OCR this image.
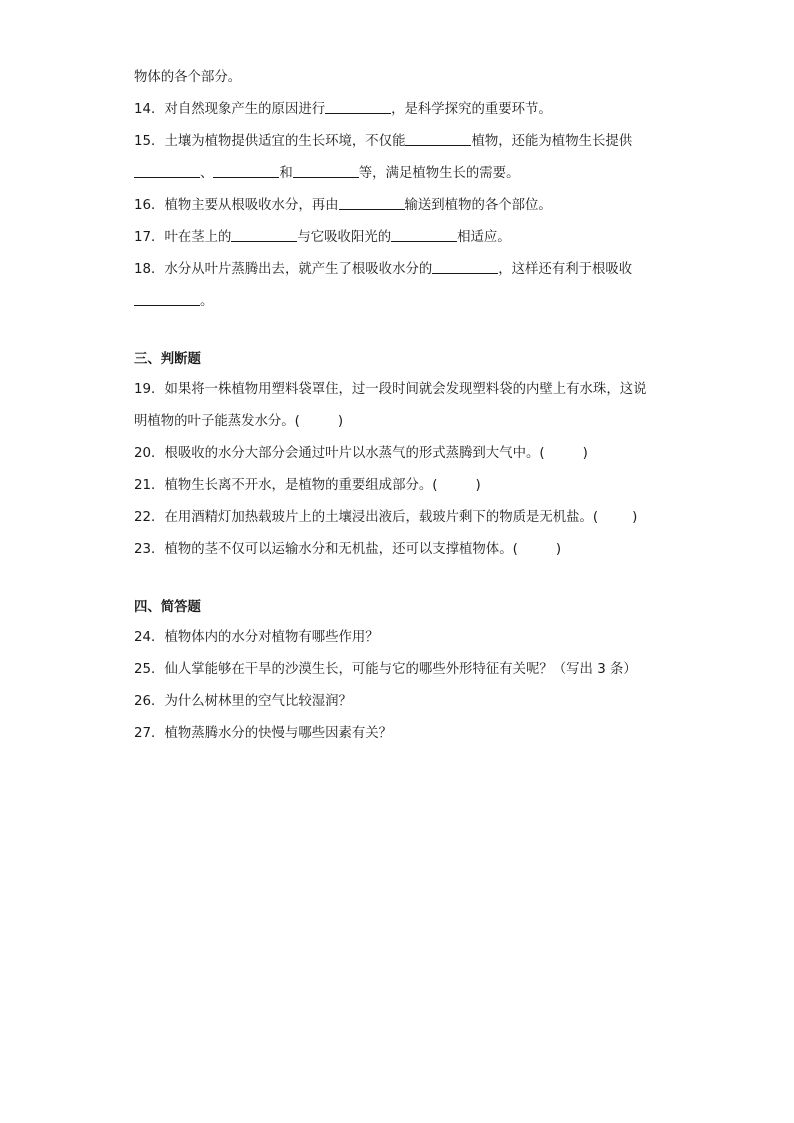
物体的各个部分。
14．对自然现象产生的原因进行	，是科学探究的重要环节。
15．土壤为植物提供适宜的生长环境，不仅能	植物，还能为植物生长提供
、	和	等，满足植物生长的需要。
16．植物主要从根吸收水分，再由	输送到植物的各个部位。
17．叶在茎上的	与它吸收阳光的	相适应。
18．水分从叶片蒸腾出去，就产生了根吸收水分的	，这样还有利于根吸收
。
三、判断题
19．如果将一株植物用塑料袋罩住，过一段时间就会发现塑料袋的内壁上有水珠，这说
明植物的叶子能蒸发水分。(	)
20．根吸收的水分大部分会通过叶片以水蒸气的形式蒸腾到大气中。(	)
21．植物生长离不开水，是植物的重要组成部分。(	)
22．在用酒精灯加热载玻片上的土壤浸出液后，载玻片剩下的物质是无机盐。(	)
23．植物的茎不仅可以运输水分和无机盐，还可以支撑植物体。(	)
四、简答题
24．植物体内的水分对植物有哪些作用？
25．仙人掌能够在干旱的沙漠生长，可能与它的哪些外形特征有关呢？（写出 3 条）
26．为什么树林里的空气比较湿润？
27．植物蒸腾水分的快慢与哪些因素有关？
